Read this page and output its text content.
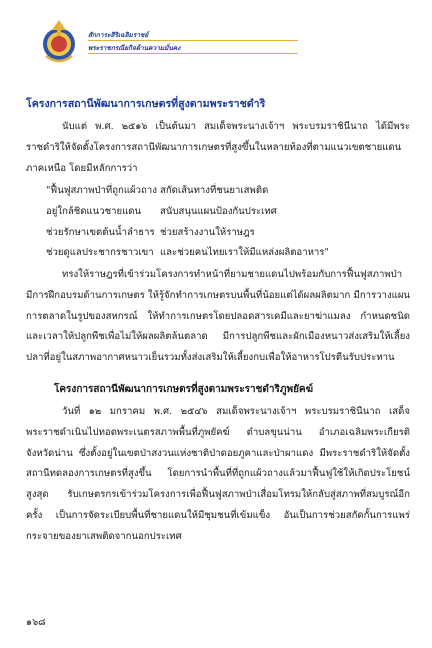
สักการะสิริเฉลิมราชย์
พระราชกรณียกิจด้านความมั่นคง
โครงการสถานีพัฒนาการเกษตรที่สูงตามพระราชดำริ

นับแต่ พ.ศ. ๒๕๑๖ เป็นต้นมา สมเด็จพระนางเจ้าฯ พระบรมราชินีนาถ ได้มีพระราชดำริให้จัดตั้งโครงการสถานีพัฒนาการเกษตรที่สูงขึ้นในหลายท้องที่ตามแนวเขตชายแดนภาคเหนือ โดยมีหลักการว่า

"ฟื้นฟูสภาพป่าที่ถูกแผ้วถาง สกัดเส้นทางที่ชนยาเสพติด
อยู่ใกล้ชิดแนวชายแดน	สนับสนุนแผนป้องกันประเทศ
ช่วยรักษาเขตต้นน้ำลำธาร ช่วยสร้างงานให้ราษฎร
ช่วยดูแลประชากรชาวเขา และช่วยคนไทยเราให้มีแหล่งผลิตอาหาร"

ทรงให้ราษฎรที่เข้าร่วมโครงการทำหน้าที่ยามชายแดนไปพร้อมกับการฟื้นฟูสภาพป่า มีการฝึกอบรมด้านการเกษตร ให้รู้จักทำการเกษตรบนพื้นที่น้อยแต่ได้ผลผลิตมาก มีการวางแผนการตลาดในรูปของสหกรณ์ ให้ทำการเกษตรโดยปลอดสารเคมีและยาฆ่าแมลง กำหนดชนิดและเวลาให้ปลูกพืชเพื่อไม่ให้ผลผลิตล้นตลาด มีการปลูกพืชและผักเมืองหนาวส่งเสริมให้เลี้ยงปลาที่อยู่ในสภาพอากาศหนาวเย็นรวมทั้งส่งเสริมให้เลี้ยงกบเพื่อให้อาหารโปรตีนรับประทาน

โครงการสถานีพัฒนาการเกษตรที่สูงตามพระราชดำริภูพยัคฆ์

วันที่ ๑๒ มกราคม พ.ศ. ๒๕๔๖ สมเด็จพระนางเจ้าฯ พระบรมราชินีนาถ เสด็จพระราชดำเนินไปทอดพระเนตรสภาพพื้นที่ภูพยัคฆ์ ตำบลขุนน่าน อำเภอเฉลิมพระเกียรติ จังหวัดน่าน ซึ่งตั้งอยู่ในเขตป่าสงวนแห่งชาติป่าดอยภูคาและป่าผาแดง มีพระราชดำริให้จัดตั้งสถานีทดลองการเกษตรที่สูงขึ้น โดยการนำพื้นที่ที่ถูกแผ้วถางแล้วมาฟื้นฟูใช้ให้เกิดประโยชน์สูงสุด รับเกษตรกรเข้าร่วมโครงการเพื่อฟื้นฟูสภาพป่าเสื่อมโทรมให้กลับสู่สภาพที่สมบูรณ์อีกครั้ง เป็นการจัดระเบียบพื้นที่ชายแดนให้มีชุมชนที่เข้มแข็ง อันเป็นการช่วยสกัดกั้นการแพร่กระจายของยาเสพติดจากนอกประเทศ

๑๖๘
